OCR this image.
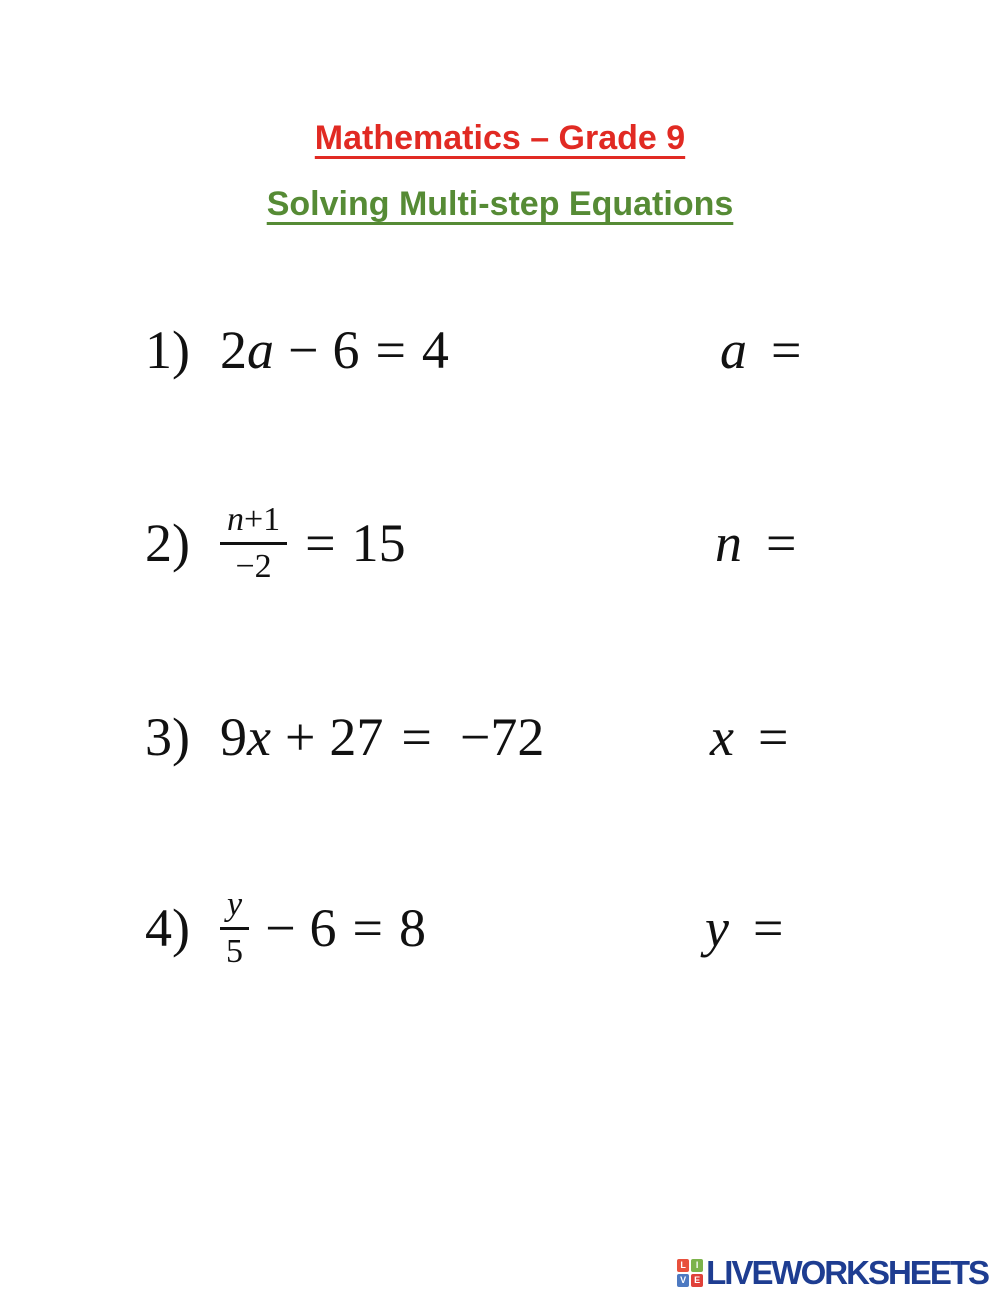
Mathematics – Grade 9
Solving Multi-step Equations
1) 2 a − 6 = 4	a =
$2) \frac{n+1}{-2} = 15$	n =
3) 9 x + 27 = −72	x =
$4) \frac{y}{5} - 6 = 8$	y =
L	I
V E LIVEWORKSHEETS
